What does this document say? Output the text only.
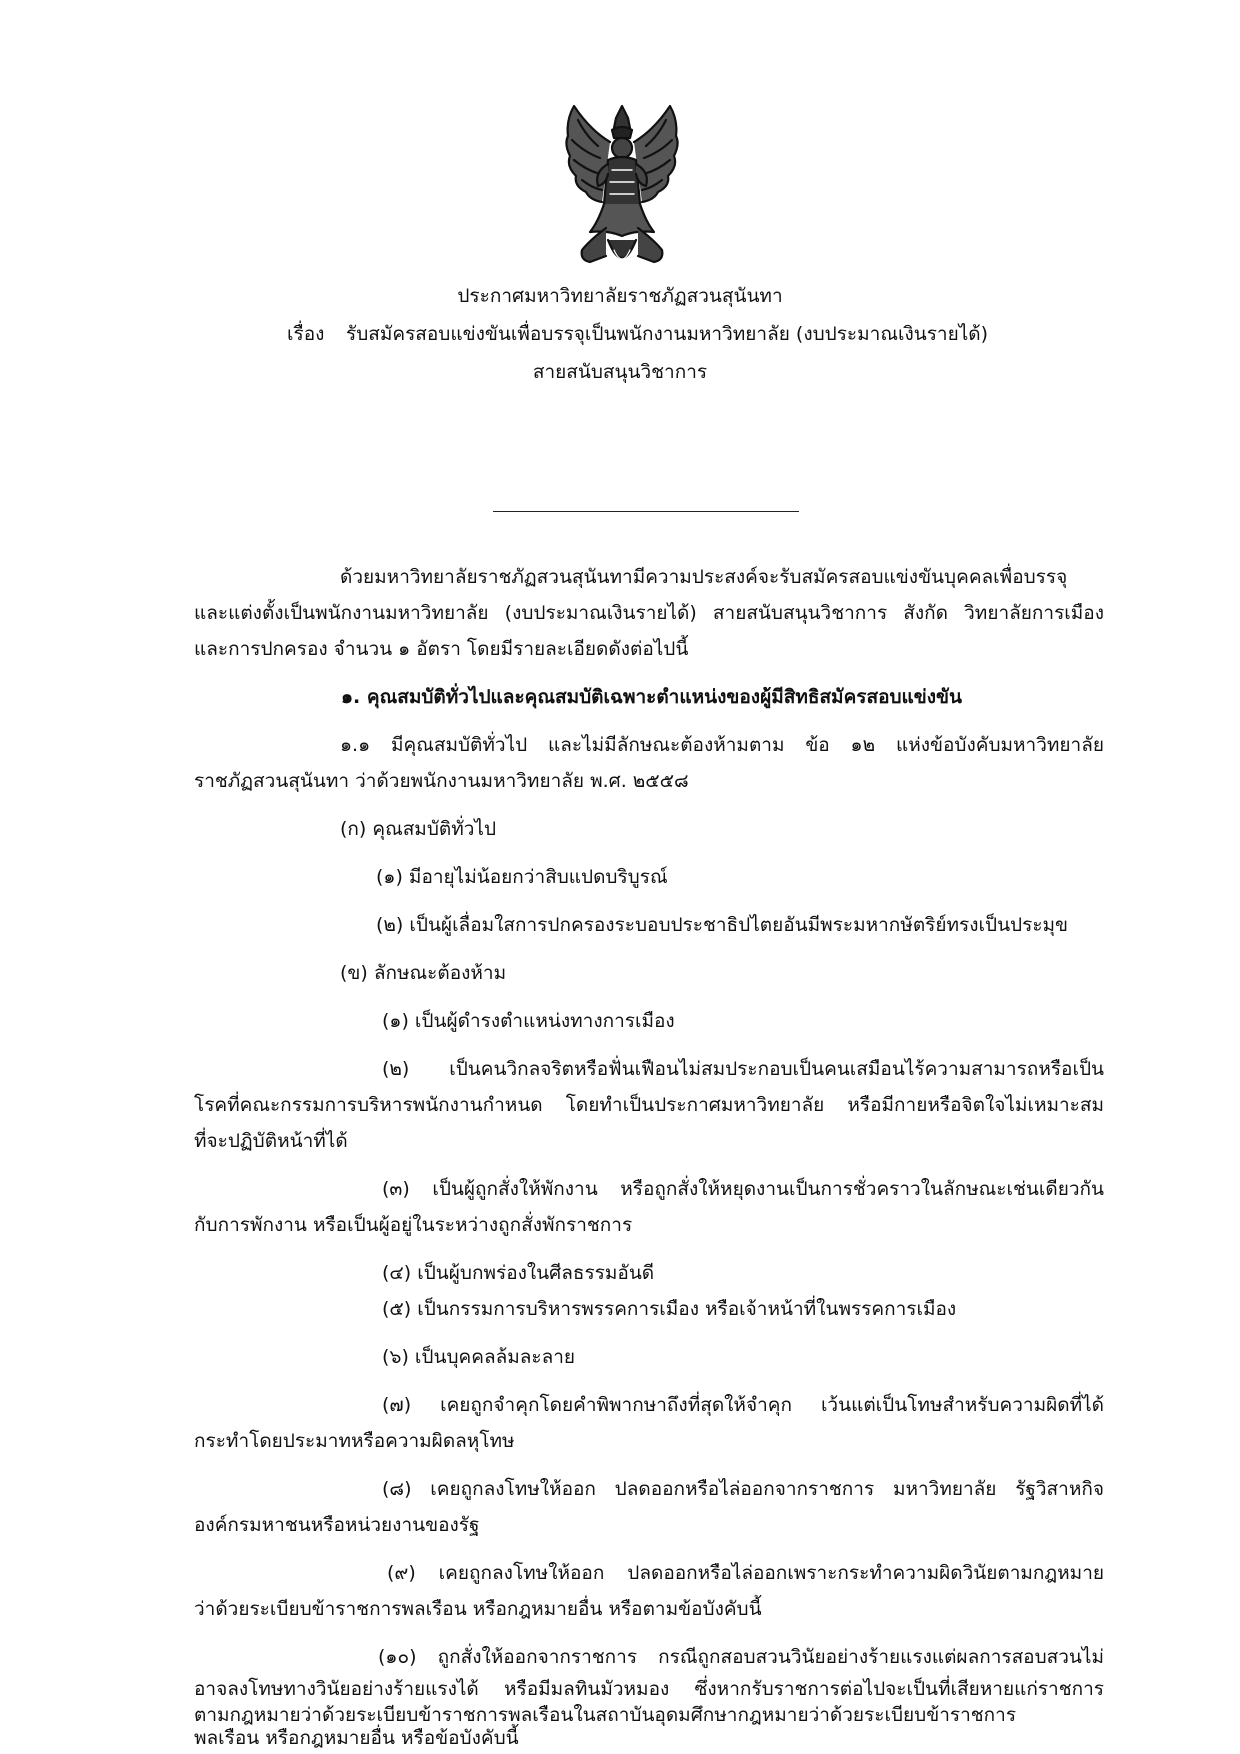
ประกาศมหาวิทยาลัยราชภัฏสวนสุนันทา
เรื่อง รับสมัครสอบแข่งขันเพื่อบรรจุเป็นพนักงานมหาวิทยาลัย (งบประมาณเงินรายได้)
สายสนับสนุนวิชาการ
ด้วยมหาวิทยาลัยราชภัฏสวนสุนันทามีความประสงค์จะรับสมัครสอบแข่งขันบุคคลเพื่อบรรจุ
และแต่งตั้งเป็นพนักงานมหาวิทยาลัย (งบประมาณเงินรายได้) สายสนับสนุนวิชาการ สังกัด วิทยาลัยการเมือง
และการปกครอง จำนวน ๑ อัตรา โดยมีรายละเอียดดังต่อไปนี้
๑. คุณสมบัติทั่วไปและคุณสมบัติเฉพาะตำแหน่งของผู้มีสิทธิสมัครสอบแข่งขัน
๑.๑ มีคุณสมบัติทั่วไป และไม่มีลักษณะต้องห้ามตาม ข้อ ๑๒ แห่งข้อบังคับมหาวิทยาลัย
ราชภัฏสวนสุนันทา ว่าด้วยพนักงานมหาวิทยาลัย พ.ศ. ๒๕๕๘
(ก) คุณสมบัติทั่วไป
(๑) มีอายุไม่น้อยกว่าสิบแปดบริบูรณ์
(๒) เป็นผู้เลื่อมใสการปกครองระบอบประชาธิปไตยอันมีพระมหากษัตริย์ทรงเป็นประมุข
(ข) ลักษณะต้องห้าม
(๑) เป็นผู้ดำรงตำแหน่งทางการเมือง
(๒) เป็นคนวิกลจริตหรือฟั่นเฟือนไม่สมประกอบเป็นคนเสมือนไร้ความสามารถหรือเป็น
โรคที่คณะกรรมการบริหารพนักงานกำหนด โดยทำเป็นประกาศมหาวิทยาลัย หรือมีกายหรือจิตใจไม่เหมาะสม
ที่จะปฏิบัติหน้าที่ได้
(๓) เป็นผู้ถูกสั่งให้พักงาน หรือถูกสั่งให้หยุดงานเป็นการชั่วคราวในลักษณะเช่นเดียวกัน
กับการพักงาน หรือเป็นผู้อยู่ในระหว่างถูกสั่งพักราชการ
(๔) เป็นผู้บกพร่องในศีลธรรมอันดี
(๕) เป็นกรรมการบริหารพรรคการเมือง หรือเจ้าหน้าที่ในพรรคการเมือง
(๖) เป็นบุคคลล้มละลาย
(๗) เคยถูกจำคุกโดยคำพิพากษาถึงที่สุดให้จำคุก เว้นแต่เป็นโทษสำหรับความผิดที่ได้
กระทำโดยประมาทหรือความผิดลหุโทษ
(๘) เคยถูกลงโทษให้ออก ปลดออกหรือไล่ออกจากราชการ มหาวิทยาลัย รัฐวิสาหกิจ
องค์กรมหาชนหรือหน่วยงานของรัฐ
(๙) เคยถูกลงโทษให้ออก ปลดออกหรือไล่ออกเพราะกระทำความผิดวินัยตามกฎหมาย
ว่าด้วยระเบียบข้าราชการพลเรือน หรือกฎหมายอื่น หรือตามข้อบังคับนี้
(๑๐) ถูกสั่งให้ออกจากราชการ กรณีถูกสอบสวนวินัยอย่างร้ายแรงแต่ผลการสอบสวนไม่
อาจลงโทษทางวินัยอย่างร้ายแรงได้ หรือมีมลทินมัวหมอง ซึ่งหากรับราชการต่อไปจะเป็นที่เสียหายแก่ราชการ
ตามกฎหมายว่าด้วยระเบียบข้าราชการพลเรือนในสถาบันอุดมศึกษากฎหมายว่าด้วยระเบียบข้าราชการ
พลเรือน หรือกฎหมายอื่น หรือข้อบังคับนี้
